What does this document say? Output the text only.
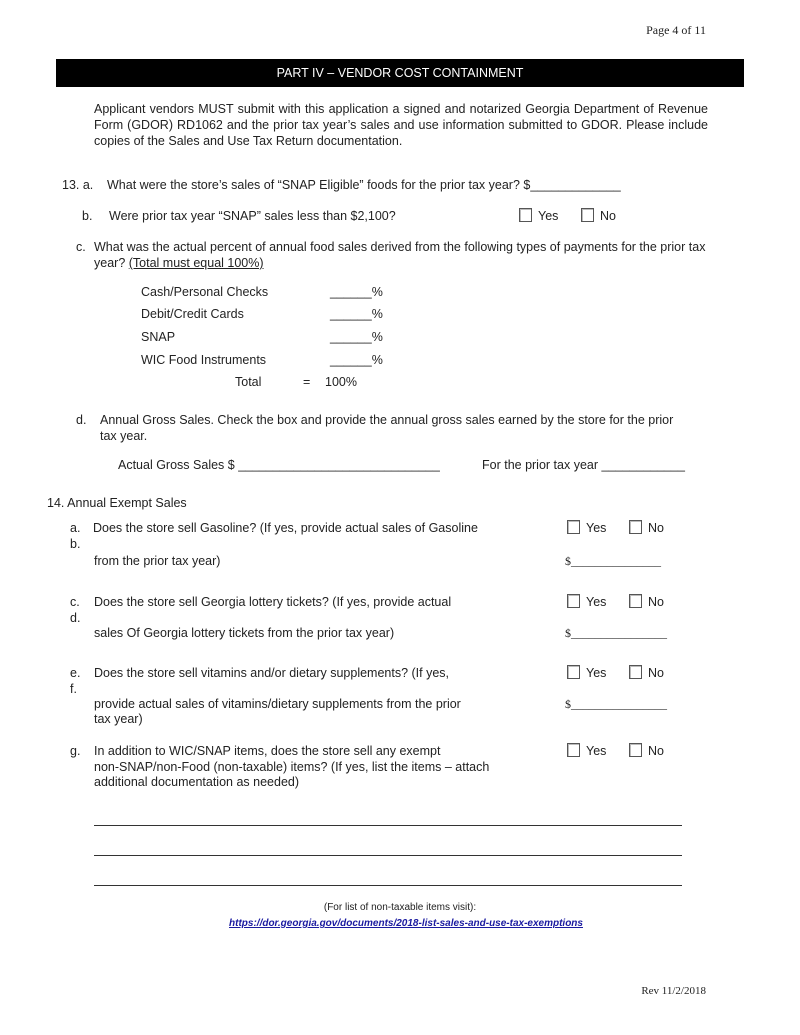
Page 4 of 11
PART IV – VENDOR COST CONTAINMENT
Applicant vendors MUST submit with this application a signed and notarized Georgia Department of Revenue Form (GDOR) RD1062 and the prior tax year’s sales and use information submitted to GDOR. Please include copies of the Sales and Use Tax Return documentation.
13. a. What were the store’s sales of “SNAP Eligible” foods for the prior tax year? $_____________
b. Were prior tax year “SNAP” sales less than $2,100?	Yes	No
c. What was the actual percent of annual food sales derived from the following types of payments for the prior tax
year? (Total must equal 100%)
Cash/Personal Checks	______%
Debit/Credit Cards	______%
SNAP	______%
WIC Food Instruments	______%
Total	= 100%
d. Annual Gross Sales. Check the box and provide the annual gross sales earned by the store for the prior
tax year.
Actual Gross Sales $ _____________________________	For the prior tax year ____________
14. Annual Exempt Sales
a. Does the store sell Gasoline? (If yes, provide actual sales of Gasoline
b.
from the prior tax year)
Yes	No
$_______________
c. Does the store sell Georgia lottery tickets? (If yes, provide actual
d.
sales Of Georgia lottery tickets from the prior tax year)
Yes	No
$________________
e. Does the store sell vitamins and/or dietary supplements? (If yes,
f.
provide actual sales of vitamins/dietary supplements from the prior
tax year)
Yes	No
$________________
g. In addition to WIC/SNAP items, does the store sell any exempt
non-SNAP/non-Food (non-taxable) items? (If yes, list the items – attach
additional documentation as needed)
Yes	No
(For list of non-taxable items visit):
https://dor.georgia.gov/documents/2018-list-sales-and-use-tax-exemptions
Rev 11/2/2018
